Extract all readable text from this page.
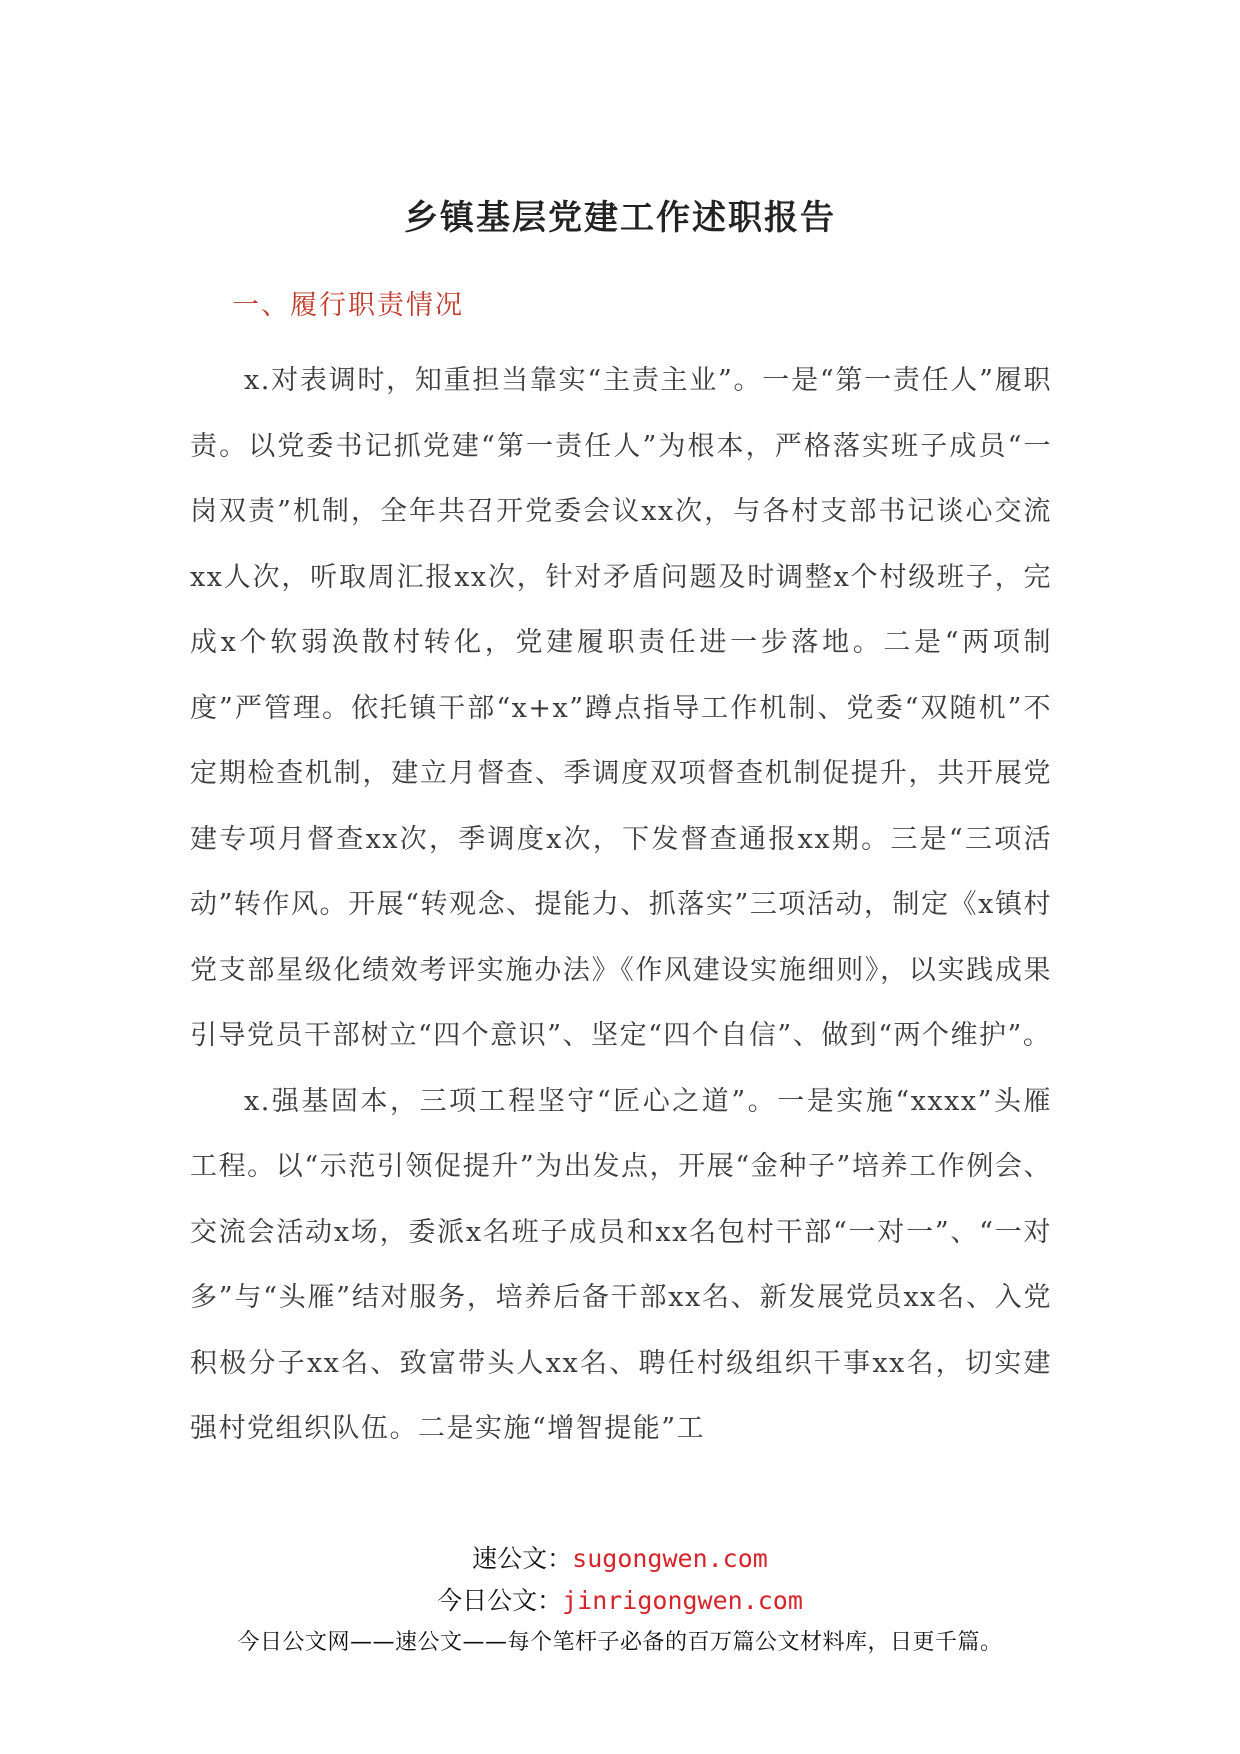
乡镇基层党建工作述职报告
一、履行职责情况

x.对表调时，知重担当靠实“主责主业”。一是“第一责任人”履职责。以党委书记抓党建“第一责任人”为根本，严格落实班子成员“一岗双责”机制，全年共召开党委会议xx次，与各村支部书记谈心交流xx人次，听取周汇报xx次，针对矛盾问题及时调整x个村级班子，完成x个软弱涣散村转化，党建履职责任进一步落地。二是“两项制度”严管理。依托镇干部“x+x”蹲点指导工作机制、党委“双随机”不定期检查机制，建立月督查、季调度双项督查机制促提升，共开展党建专项月督查xx次，季调度x次，下发督查通报xx期。三是“三项活动”转作风。开展“转观念、提能力、抓落实”三项活动，制定《x镇村党支部星级化绩效考评实施办法》《作风建设实施细则》，以实践成果引导党员干部树立“四个意识”、坚定“四个自信”、做到“两个维护”。

x.强基固本，三项工程坚守“匠心之道”。一是实施“xxxx”头雁工程。以“示范引领促提升”为出发点，开展“金种子”培养工作例会、交流会活动x场，委派x名班子成员和xx名包村干部“一对一”、“一对多”与“头雁”结对服务，培养后备干部xx名、新发展党员xx名、入党积极分子xx名、致富带头人xx名、聘任村级组织干事xx名，切实建强村党组织队伍。二是实施“增智提能”工

速公文：sugongwen.com
今日公文：jinrigongwen.com
今日公文网——速公文——每个笔杆子必备的百万篇公文材料库，日更千篇。
